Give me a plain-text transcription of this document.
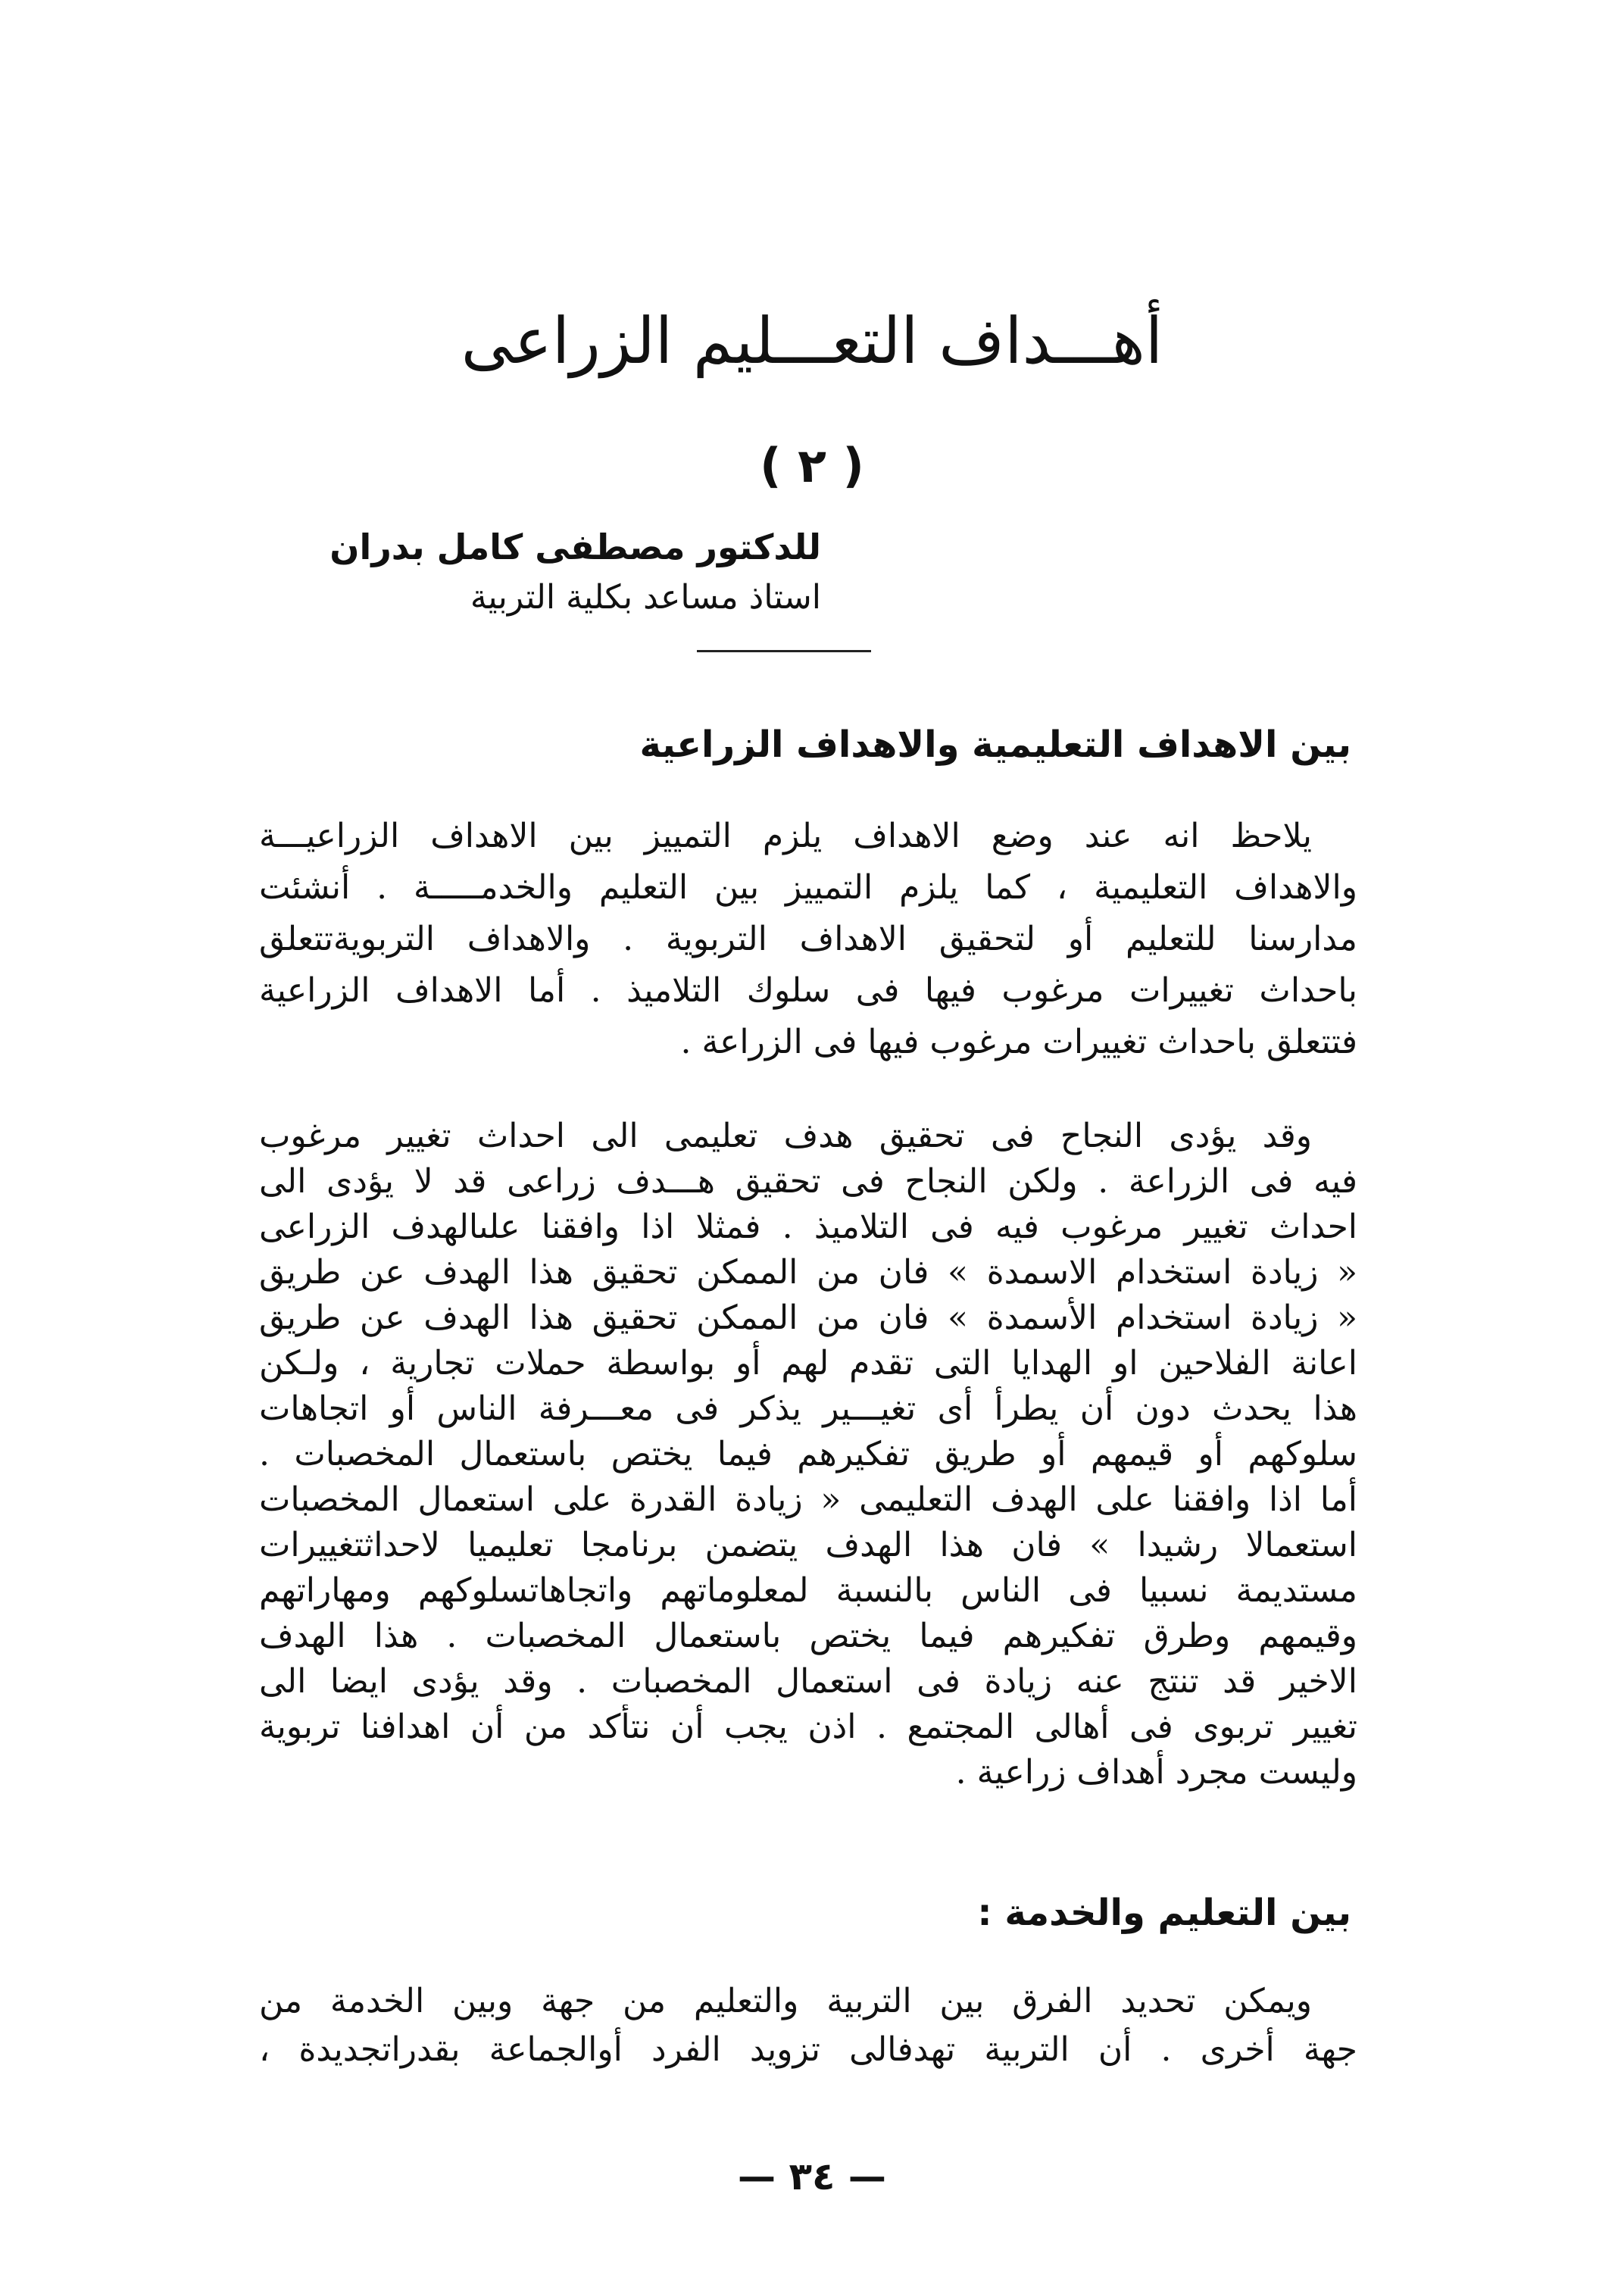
أهـــداف التعـــليم الزراعى
( ٢ )
للدكتور مصطفى كامل بدران
استاذ مساعد بكلية التربية
بين الاهداف التعليمية والاهداف الزراعية
يلاحظ انه عند وضع الاهداف يلزم التمييز بين الاهداف الزراعيـــة
والاهداف التعليمية ، كما يلزم التمييز بين التعليم والخدمـــــة . أنشئت
مدارسنا للتعليم أو لتحقيق الاهداف التربوية . والاهداف التربويةتتعلق
باحداث تغييرات مرغوب فيها فى سلوك التلاميذ . أما الاهداف الزراعية
فتتعلق باحداث تغييرات مرغوب فيها فى الزراعة .
وقد يؤدى النجاح فى تحقيق هدف تعليمى الى احداث تغيير مرغوب
فيه فى الزراعة . ولكن النجاح فى تحقيق هـــدف زراعى قد لا يؤدى الى
احداث تغيير مرغوب فيه فى التلاميذ . فمثلا اذا وافقنا علىالهدف الزراعى
« زيادة استخدام الاسمدة » فان من الممكن تحقيق هذا الهدف عن طريق
« زيادة استخدام الأسمدة » فان من الممكن تحقيق هذا الهدف عن طريق
اعانة الفلاحين او الهدايا التى تقدم لهم أو بواسطة حملات تجارية ، ولـكن
هذا يحدث دون أن يطرأ أى تغيـــير يذكر فى معـــرفة الناس أو اتجاهات
سلوكهم أو قيمهم أو طريق تفكيرهم فيما يختص باستعمال المخصبات .
أما اذا وافقنا على الهدف التعليمى « زيادة القدرة على استعمال المخصبات
استعمالا رشيدا » فان هذا الهدف يتضمن برنامجا تعليميا لاحداثتغييرات
مستديمة نسبيا فى الناس بالنسبة لمعلوماتهم واتجاهاتسلوكهم ومهاراتهم
وقيمهم وطرق تفكيرهم فيما يختص باستعمال المخصبات . هذا الهدف
الاخير قد تنتج عنه زيادة فى استعمال المخصبات . وقد يؤدى ايضا الى
تغيير تربوى فى أهالى المجتمع . اذن يجب أن نتأكد من أن اهدافنا تربوية
وليست مجرد أهداف زراعية .
بين التعليم والخدمة :
ويمكن تحديد الفرق بين التربية والتعليم من جهة وبين الخدمة من
جهة أخرى . أن التربية تهدفالى تزويد الفرد أوالجماعة بقدراتجديدة ،
— ٣٤ —
